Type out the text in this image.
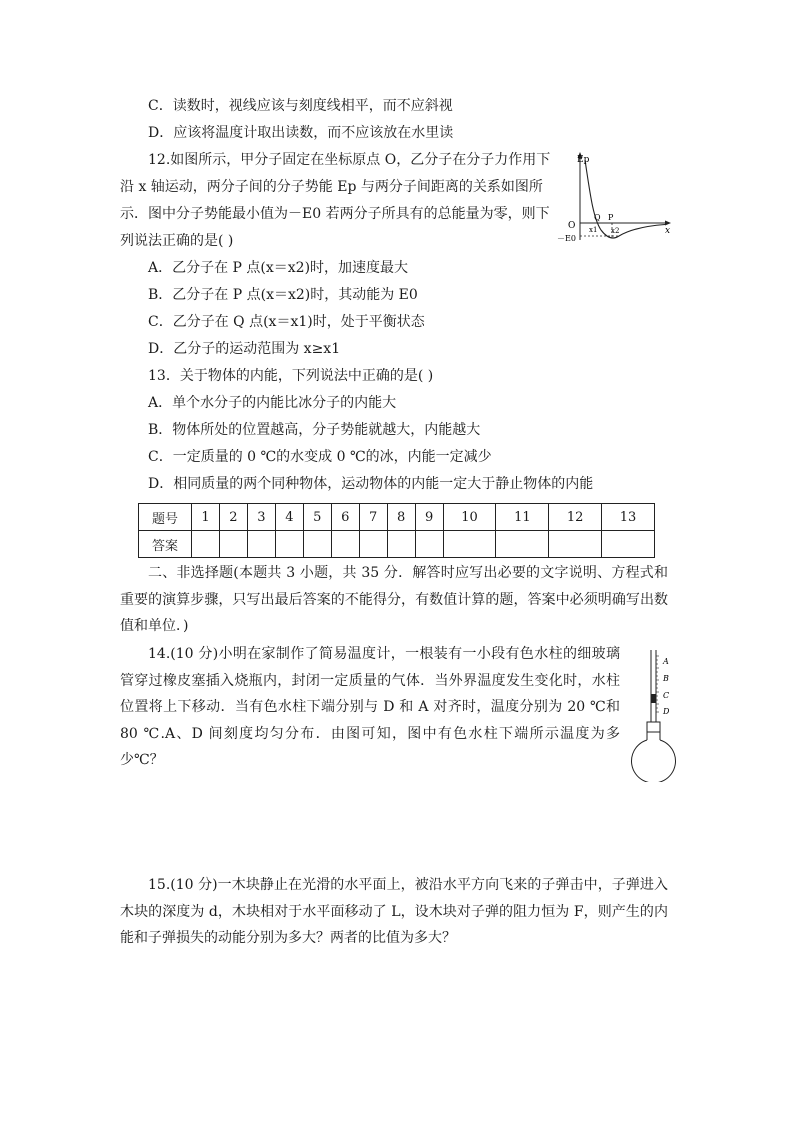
C．读数时，视线应该与刻度线相平，而不应斜视
D．应该将温度计取出读数，而不应该放在水里读
12.如图所示，甲分子固定在坐标原点 O，乙分子在分子力作用下
沿 x 轴运动，两分子间的分子势能 Ep 与两分子间距离的关系如图所
示．图中分子势能最小值为－E0 若两分子所具有的总能量为零，则下
列说法正确的是( )
Ep
O	x
－E0
Q P
x1 x2
A．乙分子在 P 点(x＝x2)时，加速度最大
B．乙分子在 P 点(x＝x2)时，其动能为 E0
C．乙分子在 Q 点(x＝x1)时，处于平衡状态
D．乙分子的运动范围为 x≥x1
13．关于物体的内能，下列说法中正确的是( )
A．单个水分子的内能比冰分子的内能大
B．物体所处的位置越高，分子势能就越大，内能越大
C．一定质量的 0 ℃的水变成 0 ℃的冰，内能一定减少
D．相同质量的两个同种物体，运动物体的内能一定大于静止物体的内能
题号	1	2	3	4	5	6	7	8	9	10	11	12	13
答案													
二、非选择题(本题共 3 小题，共 35 分．解答时应写出必要的文字说明、方程式和重要的演算步骤，只写出最后答案的不能得分，有数值计算的题，答案中必须明确写出数值和单位．)
14.(10 分)小明在家制作了简易温度计，一根装有一小段有色水柱的细玻璃管穿过橡皮塞插入烧瓶内，封闭一定质量的气体．当外界温度发生变化时，水柱位置将上下移动．当有色水柱下端分别与 D 和 A 对齐时，温度分别为 20 ℃和 80 ℃.A、D 间刻度均匀分布．由图可知，图中有色水柱下端所示温度为多少℃？
A
B
C
D
15.(10 分)一木块静止在光滑的水平面上，被沿水平方向飞来的子弹击中，子弹进入木块的深度为 d，木块相对于水平面移动了 L，设木块对子弹的阻力恒为 F，则产生的内能和子弹损失的动能分别为多大？两者的比值为多大？
